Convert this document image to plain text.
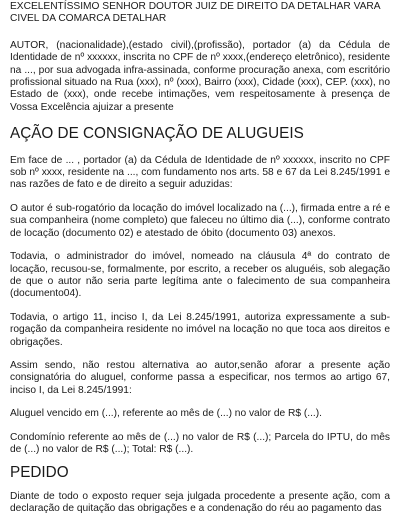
EXCELENTÍSSIMO SENHOR DOUTOR JUIZ DE DIREITO DA DETALHAR VARA CIVEL DA COMARCA DETALHAR

AUTOR, (nacionalidade),(estado civil),(profissão), portador (a) da Cédula de Identidade de nº xxxxxx, inscrita no CPF de nº xxxx,(endereço eletrônico), residente na ..., por sua advogada infra-assinada, conforme procuração anexa, com escritório profissional situado na Rua (xxx), nº (xxx), Bairro (xxx), Cidade (xxx), CEP. (xxx), no Estado de (xxx), onde recebe intimações, vem respeitosamente à presença de Vossa Excelência ajuizar a presente

AÇÃO DE CONSIGNAÇÃO DE ALUGUEIS

Em face de ... , portador (a) da Cédula de Identidade de nº xxxxxx, inscrito no CPF sob nº xxxx, residente na ..., com fundamento nos arts. 58 e 67 da Lei 8.245/1991 e nas razões de fato e de direito a seguir aduzidas:

O autor é sub-rogatório da locação do imóvel localizado na (...), firmada entre a ré e sua companheira (nome completo) que faleceu no último dia (...), conforme contrato de locação (documento 02) e atestado de óbito (documento 03) anexos.

Todavia, o administrador do imóvel, nomeado na cláusula 4ª do contrato de locação, recusou-se, formalmente, por escrito, a receber os aluguéis, sob alegação de que o autor não seria parte legítima ante o falecimento de sua companheira (documento04).

Todavia, o artigo 11, inciso I, da Lei 8.245/1991, autoriza expressamente a sub-rogação da companheira residente no imóvel na locação no que toca aos direitos e obrigações.

Assim sendo, não restou alternativa ao autor,senão aforar a presente ação consignatória do aluguel, conforme passa a especificar, nos termos ao artigo 67, inciso I, da Lei 8.245/1991:

Aluguel vencido em (...), referente ao mês de (...) no valor de R$ (...).

Condomínio referente ao mês de (...) no valor de R$ (...); Parcela do IPTU, do mês de (...) no valor de R$ (...); Total: R$ (...).

PEDIDO

Diante de todo o exposto requer seja julgada procedente a presente ação, com a declaração de quitação das obrigações e a condenação do réu ao pagamento das
